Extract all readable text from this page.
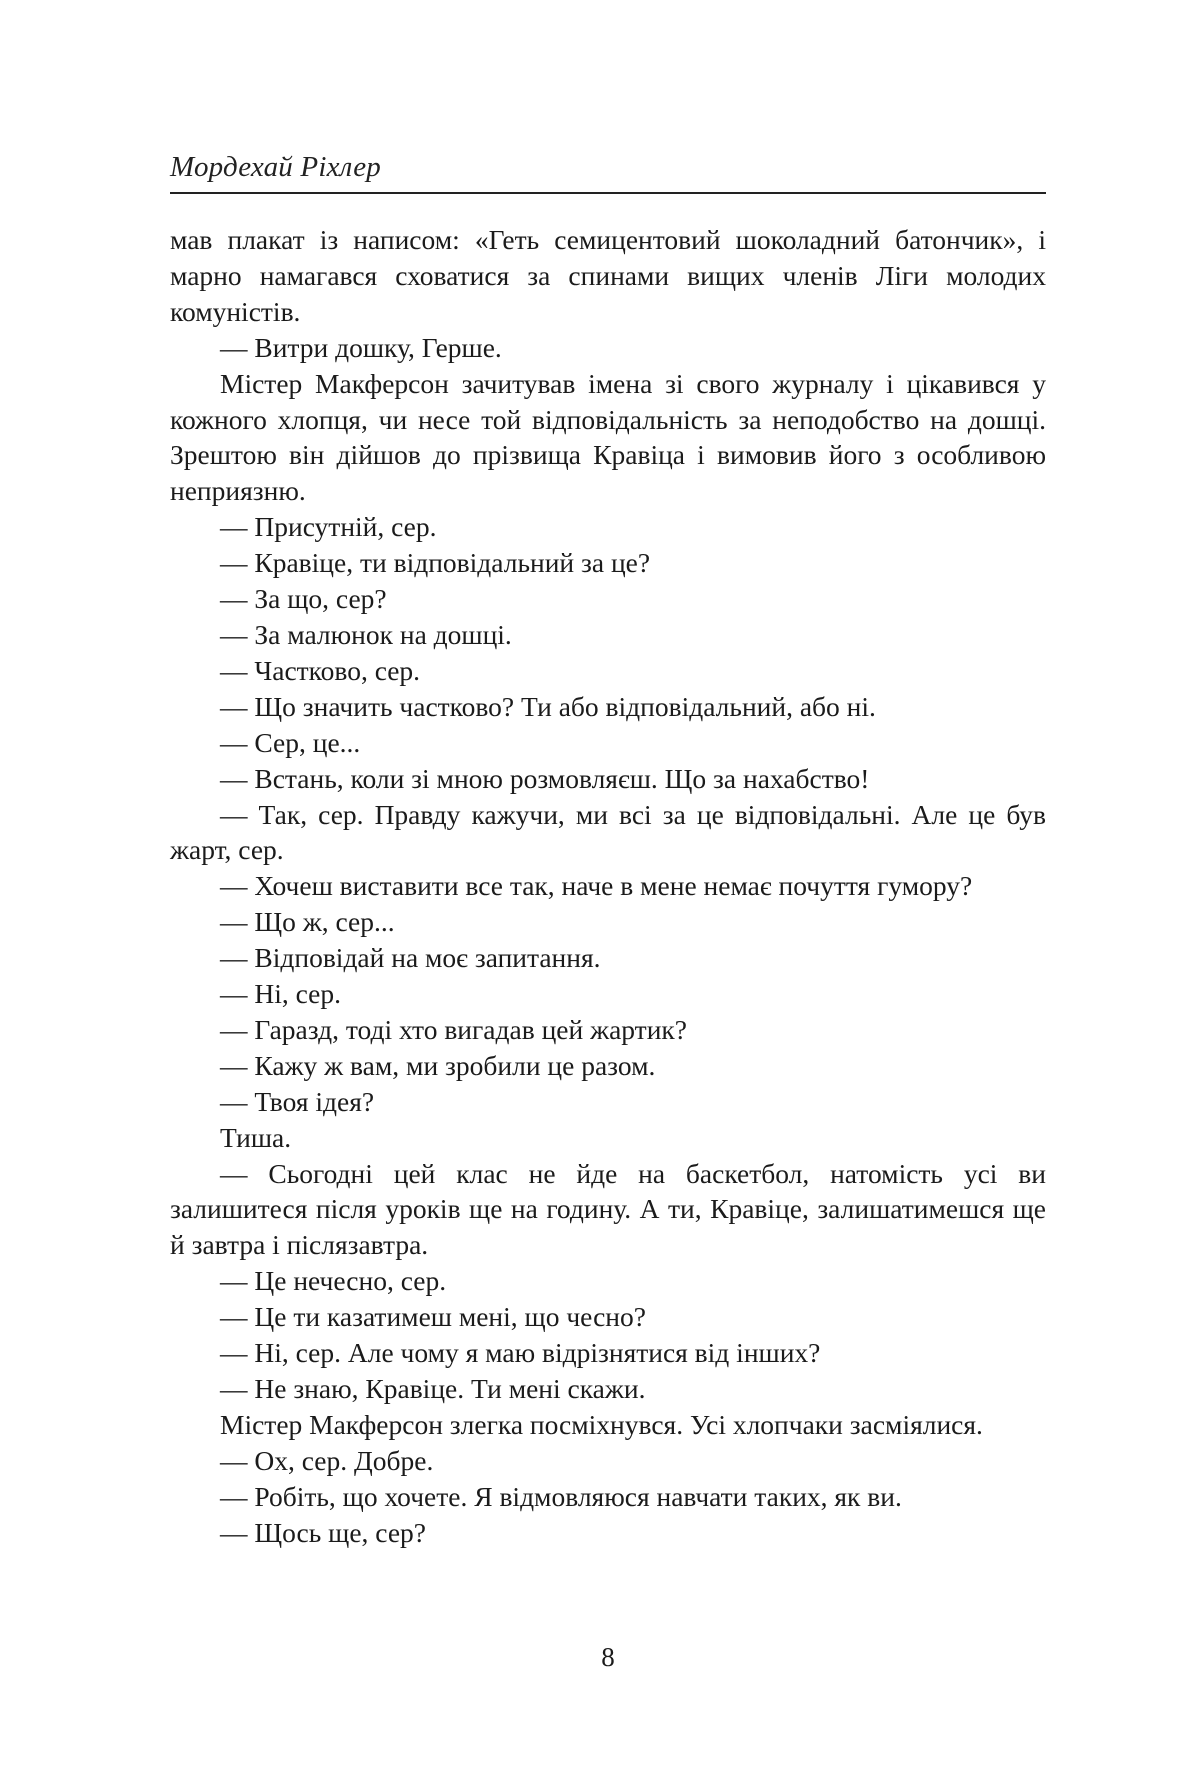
Мордехай Ріхлер

мав плакат із написом: «Геть семицентовий шоколадний батончик», і марно намагався сховатися за спинами вищих членів Ліги молодих комуністів.

— Витри дошку, Герше.

Містер Макферсон зачитував імена зі свого журналу і цікавився у кожного хлопця, чи несе той відповідальність за неподобство на дошці. Зрештою він дійшов до прізвища Кравіца і вимовив його з особливою неприязню.

— Присутній, сер.

— Кравіце, ти відповідальний за це?

— За що, сер?

— За малюнок на дошці.

— Частково, сер.

— Що значить частково? Ти або відповідальний, або ні.

— Сер, це...

— Встань, коли зі мною розмовляєш. Що за нахабство!

— Так, сер. Правду кажучи, ми всі за це відповідальні. Але це був жарт, сер.

— Хочеш виставити все так, наче в мене немає почуття гумору?

— Що ж, сер...

— Відповідай на моє запитання.

— Ні, сер.

— Гаразд, тоді хто вигадав цей жартик?

— Кажу ж вам, ми зробили це разом.

— Твоя ідея?

Тиша.

— Сьогодні цей клас не йде на баскетбол, натомість усі ви залишитеся після уроків ще на годину. А ти, Кравіце, залишатимешся ще й завтра і післязавтра.

— Це нечесно, сер.

— Це ти казатимеш мені, що чесно?

— Ні, сер. Але чому я маю відрізнятися від інших?

— Не знаю, Кравіце. Ти мені скажи.

Містер Макферсон злегка посміхнувся. Усі хлопчаки засміялися.

— Ох, сер. Добре.

— Робіть, що хочете. Я відмовляюся навчати таких, як ви.

— Щось ще, сер?

8
